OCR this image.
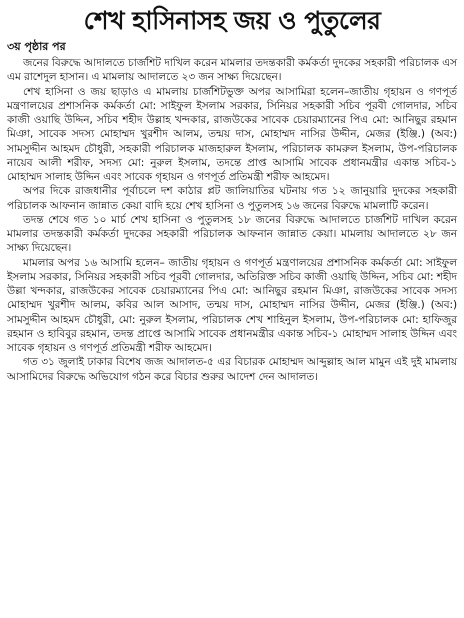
শেখ হাসিনাসহ জয় ও পুতুলের
৩য় পৃষ্ঠার পর

জনের বিরুদ্ধে আদালতে চার্জশিট দাখিল করেন মামলার তদন্তকারী কর্মকর্তা দুদকের সহকারী পরিচালক এস এম রাশেদুল হাসান। এ মামলায় আদালতে ২৩ জন সাক্ষ্য দিয়েছেন।

শেখ হাসিনা ও জয় ছাড়াও এ মামলায় চার্জশিটভুক্ত অপর আসামিরা হলেন–জাতীয় গৃহায়ন ও গণপূর্ত মন্ত্রণালয়ের প্রশাসনিক কর্মকর্তা মো: সাইফুল ইসলাম সরকার, সিনিয়র সহকারী সচিব পূরবী গোলদার, সচিব কাজী ওয়াছি উদ্দিন, সচিব শহীদ উল্লাহ খন্দকার, রাজউকের সাবেক চেয়ারম্যানের পিএ মো: আনিছুর রহমান মিঞা, সাবেক সদস্য মোহাম্মদ খুরশীদ আলম, তন্ময় দাস, মোহাম্মদ নাসির উদ্দীন, মেজর (ইঞ্জি.) (অব:) সামসুদ্দীন আহমদ চৌধুরী, সহকারী পরিচালক মাজহারুল ইসলাম, পরিচালক কামরুল ইসলাম, উপ-পরিচালক নায়েব আলী শরীফ, সদস্য মো: নুরুল ইসলাম, তদন্তে প্রাপ্ত আসামি সাবেক প্রধানমন্ত্রীর একান্ত সচিব-১ মোহাম্মদ সালাহ উদ্দিন এবং সাবেক গৃহায়ন ও গণপূর্ত প্রতিমন্ত্রী শরীফ আহমেদ।

অপর দিকে রাজধানীর পূর্বাচলে দশ কাঠার প্লট জালিয়াতির ঘটনায় গত ১২ জানুয়ারি দুদকের সহকারী পরিচালক আফনান জান্নাত কেয়া বাদি হয়ে শেখ হাসিনা ও পুতুলসহ ১৬ জনের বিরুদ্ধে মামলাটি করেন।

তদন্ত শেষে গত ১০ মার্চ শেখ হাসিনা ও পুতুলসহ ১৮ জনের বিরুদ্ধে আদালতে চার্জশিট দাখিল করেন মামলার তদন্তকারী কর্মকর্তা দুদকের সহকারী পরিচালক আফনান জান্নাত কেয়া। মামলায় আদালতে ২৮ জন সাক্ষ্য দিয়েছেন।

মামলার অপর ১৬ আসামি হলেন– জাতীয় গৃহায়ন ও গণপূর্ত মন্ত্রণালয়ের প্রশাসনিক কর্মকর্তা মো: সাইফুল ইসলাম সরকার, সিনিয়র সহকারী সচিব পূরবী গোলদার, অতিরিক্ত সচিব কাজী ওয়াছি উদ্দিন, সচিব মো: শহীদ উল্লা খন্দকার, রাজউকের সাবেক চেয়ারম্যানের পিএ মো: আনিছুর রহমান মিঞা, রাজউকের সাবেক সদস্য মোহাম্মদ খুরশীদ আলম, কবির আল আসাদ, তন্ময় দাস, মোহাম্মদ নাসির উদ্দীন, মেজর (ইঞ্জি.) (অব:) সামসুদ্দীন আহমদ চৌধুরী, মো: নুরুল ইসলাম, পরিচালক শেখ শাহিনুল ইসলাম, উপ-পরিচালক মো: হাফিজুর রহমান ও হাবিবুর রহমান, তদন্ত প্রাপ্তে আসামি সাবেক প্রধানমন্ত্রীর একান্ত সচিব-১ মোহাম্মদ সালাহ উদ্দিন এবং সাবেক গৃহায়ন ও গণপূর্ত প্রতিমন্ত্রী শরীফ আহমেদ।

গত ৩১ জুলাই ঢাকার বিশেষ জজ আদালত-৫ এর বিচারক মোহাম্মদ আব্দুল্লাহ আল মামুন এই দুই মামলায় আসামিদের বিরুদ্ধে অভিযোগ গঠন করে বিচার শুরুর আদেশ দেন আদালত।
